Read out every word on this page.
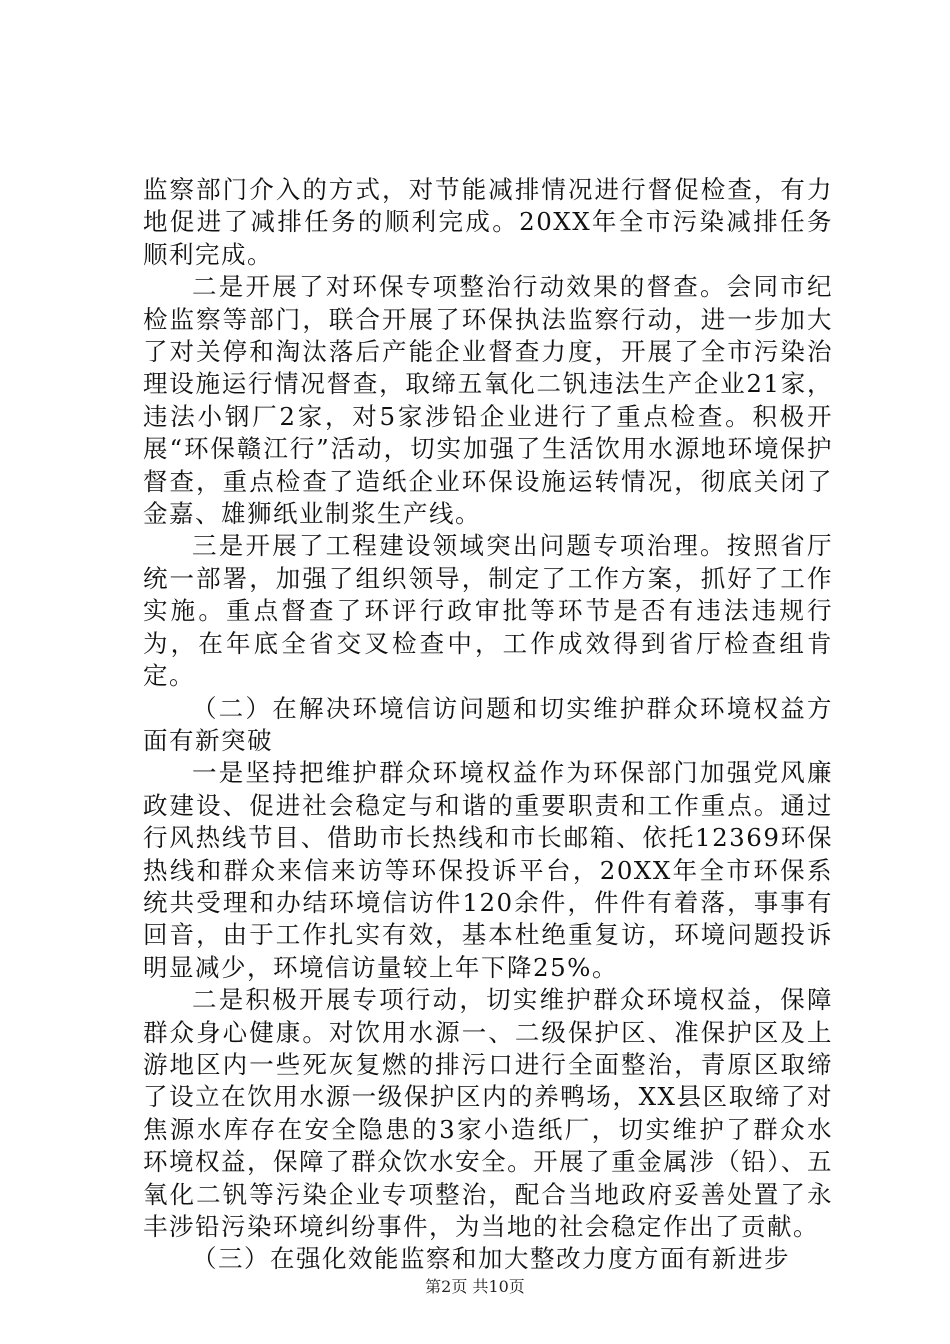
监察部门介入的方式，对节能减排情况进行督促检查，有力地促进了减排任务的顺利完成。20XX年全市污染减排任务顺利完成。

二是开展了对环保专项整治行动效果的督查。会同市纪检监察等部门，联合开展了环保执法监察行动，进一步加大了对关停和淘汰落后产能企业督查力度，开展了全市污染治理设施运行情况督查，取缔五氧化二钒违法生产企业21家，违法小钢厂2家，对5家涉铅企业进行了重点检查。积极开展“环保赣江行”活动，切实加强了生活饮用水源地环境保护督查，重点检查了造纸企业环保设施运转情况，彻底关闭了金嘉、雄狮纸业制浆生产线。

三是开展了工程建设领域突出问题专项治理。按照省厅统一部署，加强了组织领导，制定了工作方案，抓好了工作实施。重点督查了环评行政审批等环节是否有违法违规行为，在年底全省交叉检查中，工作成效得到省厅检查组肯定。

（二）在解决环境信访问题和切实维护群众环境权益方面有新突破

一是坚持把维护群众环境权益作为环保部门加强党风廉政建设、促进社会稳定与和谐的重要职责和工作重点。通过行风热线节目、借助市长热线和市长邮箱、依托12369环保热线和群众来信来访等环保投诉平台，20XX年全市环保系统共受理和办结环境信访件120余件，件件有着落，事事有回音，由于工作扎实有效，基本杜绝重复访，环境问题投诉明显减少，环境信访量较上年下降25%。

二是积极开展专项行动，切实维护群众环境权益，保障群众身心健康。对饮用水源一、二级保护区、准保护区及上游地区内一些死灰复燃的排污口进行全面整治，青原区取缔了设立在饮用水源一级保护区内的养鸭场，XX县区取缔了对焦源水库存在安全隐患的3家小造纸厂，切实维护了群众水环境权益，保障了群众饮水安全。开展了重金属涉（铅）、五氧化二钒等污染企业专项整治，配合当地政府妥善处置了永丰涉铅污染环境纠纷事件，为当地的社会稳定作出了贡献。

（三）在强化效能监察和加大整改力度方面有新进步

第2页 共10页
